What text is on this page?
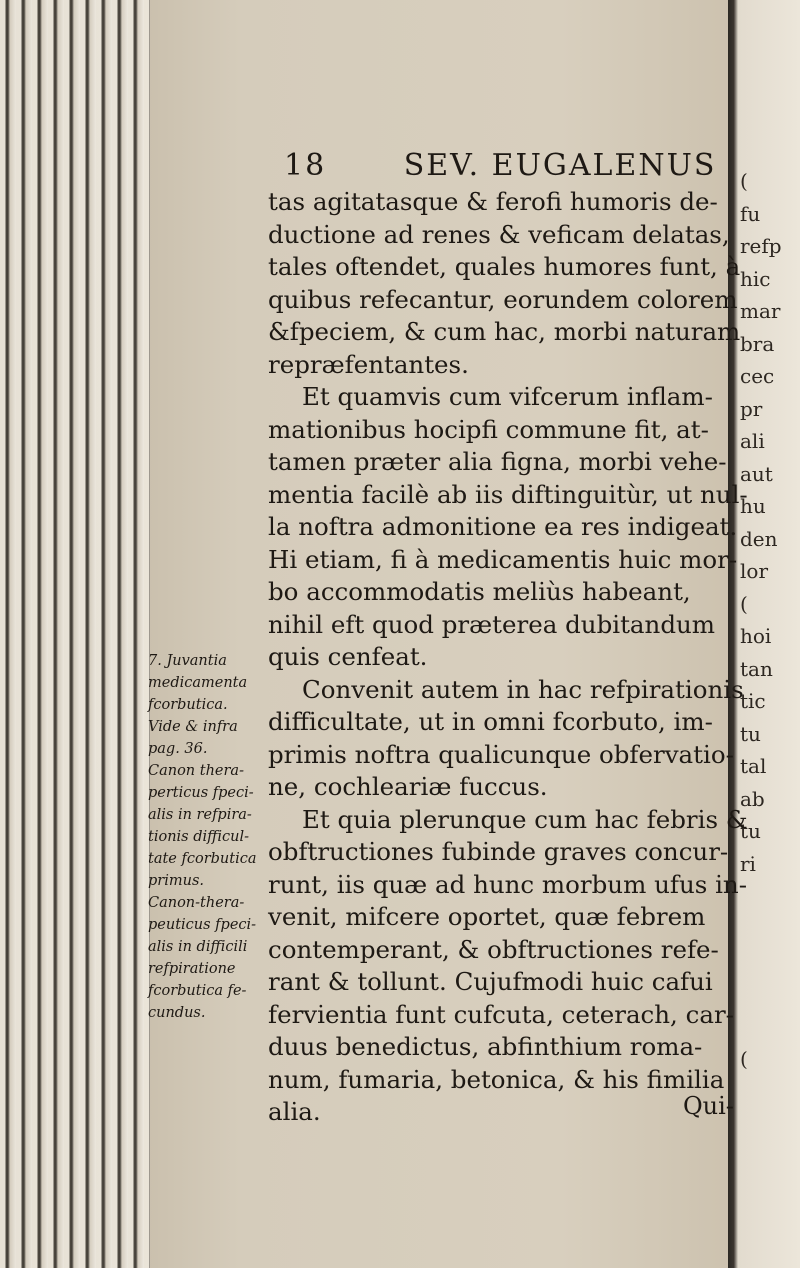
(
fu
refp
hic
mar
bra
cec
pr
ali
aut
hu
den
lor
(
hoi
tan
tic
tu
tal
ab
tu
ri
(
18	SEV. EUGALENUS
tas agitatasque & ferofi humoris de-
ductione ad renes & veficam delatas,
tales oftendet, quales humores funt, à
quibus refecantur, eorundem colorem
&fpeciem, & cum hac, morbi naturam
repræfentantes.
Et quamvis cum vifcerum inflam-
mationibus hocipfi commune fit, at-
tamen præter alia figna, morbi vehe-
mentia facilè ab iis diftinguitùr, ut nul-
la noftra admonitione ea res indigeat.
Hi etiam, fi à medicamentis huic mor-
bo accommodatis meliùs habeant,
nihil eft quod præterea dubitandum
quis cenfeat.
Convenit autem in hac refpirationis
difficultate, ut in omni fcorbuto, im-
primis noftra qualicunque obfervatio-
ne, cochleariæ fuccus.
Et quia plerunque cum hac febris &
obftructiones fubinde graves concur-
runt, iis quæ ad hunc morbum ufus in-
venit, mifcere oportet, quæ febrem
contemperant, & obftructiones refe-
rant & tollunt. Cujufmodi huic cafui
fervientia funt cufcuta, ceterach, car-
duus benedictus, abfinthium roma-
num, fumaria, betonica, & his fimilia
alia.
7. Juvantia
medicamenta
fcorbutica.
Vide & infra
pag. 36.
Canon thera-
perticus fpeci-
alis in refpira-
tionis difficul-
tate fcorbutica
primus.
Canon-thera-
peuticus fpeci-
alis in difficili
refpiratione
fcorbutica fe-
cundus.
Qui-
